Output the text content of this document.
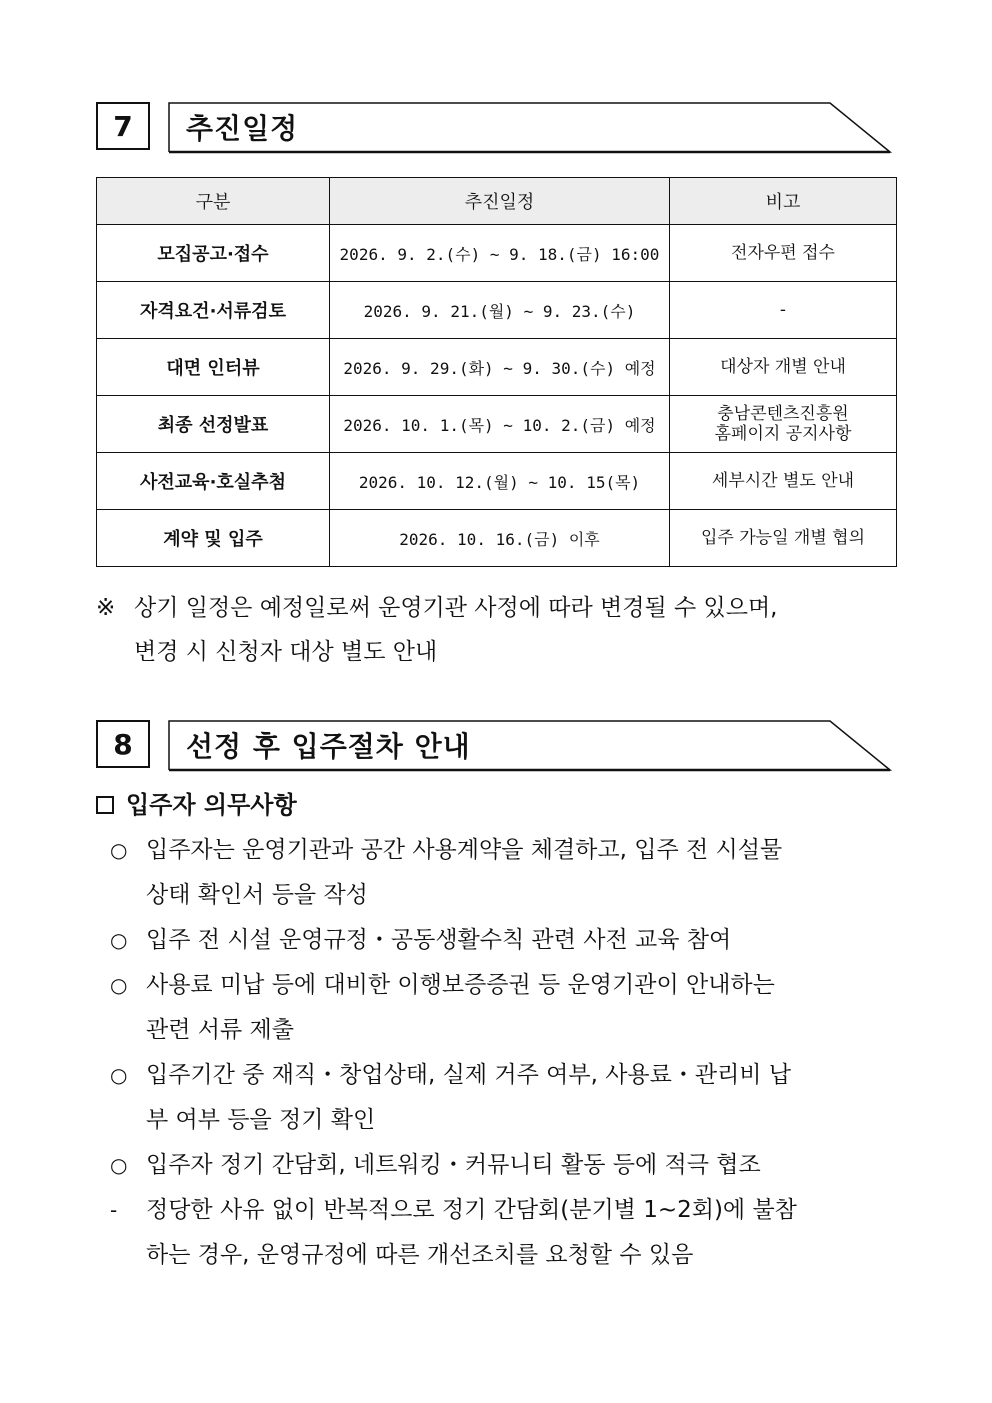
7	추진일정
구분	추진일정	비고
모집공고·접수	2026. 9. 2.(수) ~ 9. 18.(금) 16:00	전자우편 접수

자격요건·서류검토	2026. 9. 21.(월) ~ 9. 23.(수)	-

대면 인터뷰	2026. 9. 29.(화) ~ 9. 30.(수) 예정	대상자 개별 안내

최종 선정발표	2026. 10. 1.(목) ~ 10. 2.(금) 예정	충남콘텐츠진흥원
홈페이지 공지사항

사전교육·호실추첨	2026. 10. 12.(월) ~ 10. 15(목)	세부시간 별도 안내

계약 및 입주	2026. 10. 16.(금) 이후	입주 가능일 개별 협의
※ 상기 일정은 예정일로써 운영기관 사정에 따라 변경될 수 있으며,
변경 시 신청자 대상 별도 안내
8	선정 후 입주절차 안내
입주자 의무사항
○ 입주자는 운영기관과 공간 사용계약을 체결하고, 입주 전 시설물
상태 확인서 등을 작성
○ 입주 전 시설 운영규정・공동생활수칙 관련 사전 교육 참여
○ 사용료 미납 등에 대비한 이행보증증권 등 운영기관이 안내하는
관련 서류 제출
○ 입주기간 중 재직・창업상태, 실제 거주 여부, 사용료・관리비 납
부 여부 등을 정기 확인
○ 입주자 정기 간담회, 네트워킹・커뮤니티 활동 등에 적극 협조
- 정당한 사유 없이 반복적으로 정기 간담회(분기별 1~2회)에 불참
하는 경우, 운영규정에 따른 개선조치를 요청할 수 있음
